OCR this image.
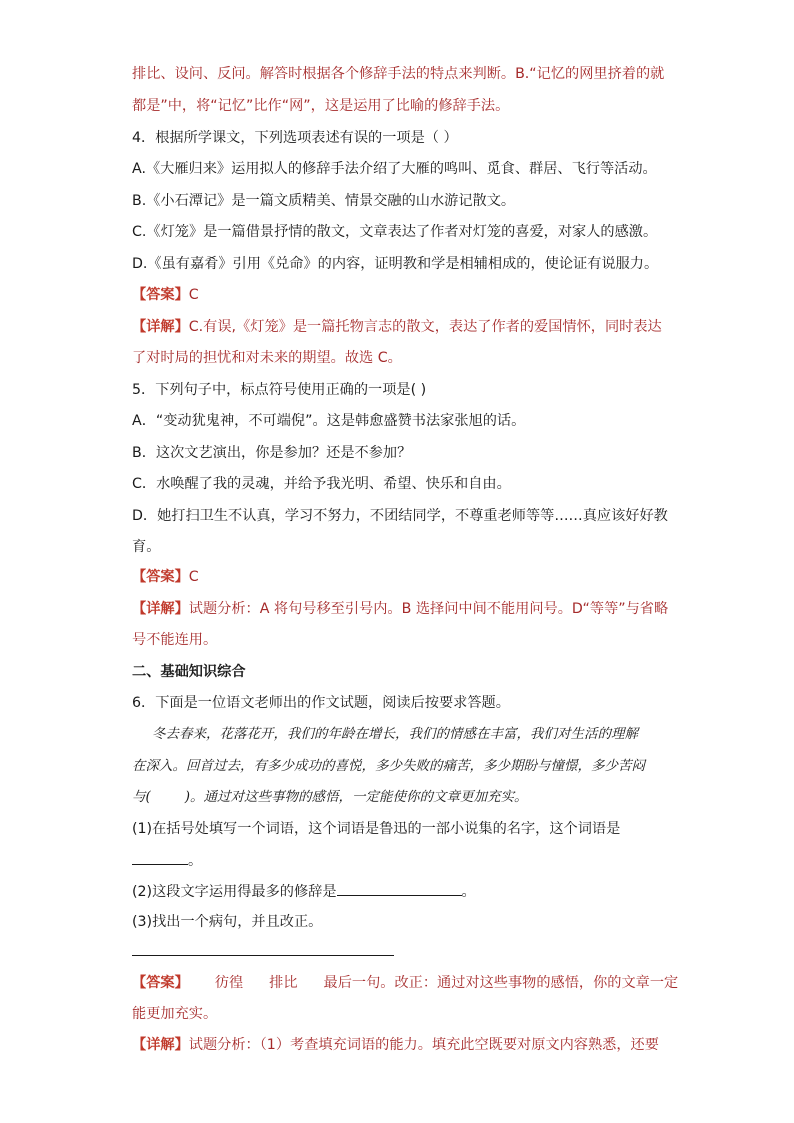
排比、设问、反问。解答时根据各个修辞手法的特点来判断。B.“记忆的网里挤着的就
都是”中，将“记忆”比作“网”，这是运用了比喻的修辞手法。
4．根据所学课文，下列选项表述有误的一项是（ ）
A.《大雁归来》运用拟人的修辞手法介绍了大雁的鸣叫、觅食、群居、飞行等活动。
B.《小石潭记》是一篇文质精美、情景交融的山水游记散文。
C.《灯笼》是一篇借景抒情的散文，文章表达了作者对灯笼的喜爱，对家人的感激。
D.《虽有嘉肴》引用《兑命》的内容，证明教和学是相辅相成的，使论证有说服力。
【答案】C
【详解】C.有误,《灯笼》是一篇托物言志的散文，表达了作者的爱国情怀，同时表达
了对时局的担忧和对未来的期望。故选 C。
5．下列句子中，标点符号使用正确的一项是( )
A．“变动犹鬼神，不可端倪”。这是韩愈盛赞书法家张旭的话。
B．这次文艺演出，你是参加？还是不参加？
C．水唤醒了我的灵魂，并给予我光明、希望、快乐和自由。
D．她打扫卫生不认真，学习不努力，不团结同学，不尊重老师等等……真应该好好教
育。
【答案】C
【详解】试题分析：A 将句号移至引号内。B 选择问中间不能用问号。D“等等”与省略
号不能连用。
二、基础知识综合
6．下面是一位语文老师出的作文试题，阅读后按要求答题。
冬去春来，花落花开，我们的年龄在增长，我们的情感在丰富，我们对生活的理解
在深入。回首过去，有多少成功的喜悦，多少失败的痛苦，多少期盼与憧憬，多少苦闷
与(	)。通过对这些事物的感悟，一定能使你的文章更加充实。
(1)在括号处填写一个词语，这个词语是鲁迅的一部小说集的名字，这个词语是
。
(2)这段文字运用得最多的修辞是	。
(3)找出一个病句，并且改正。
【答案】 彷徨 排比 最后一句。改正：通过对这些事物的感悟，你的文章一定
能更加充实。
【详解】试题分析：（1）考查填充词语的能力。填充此空既要对原文内容熟悉，还要
